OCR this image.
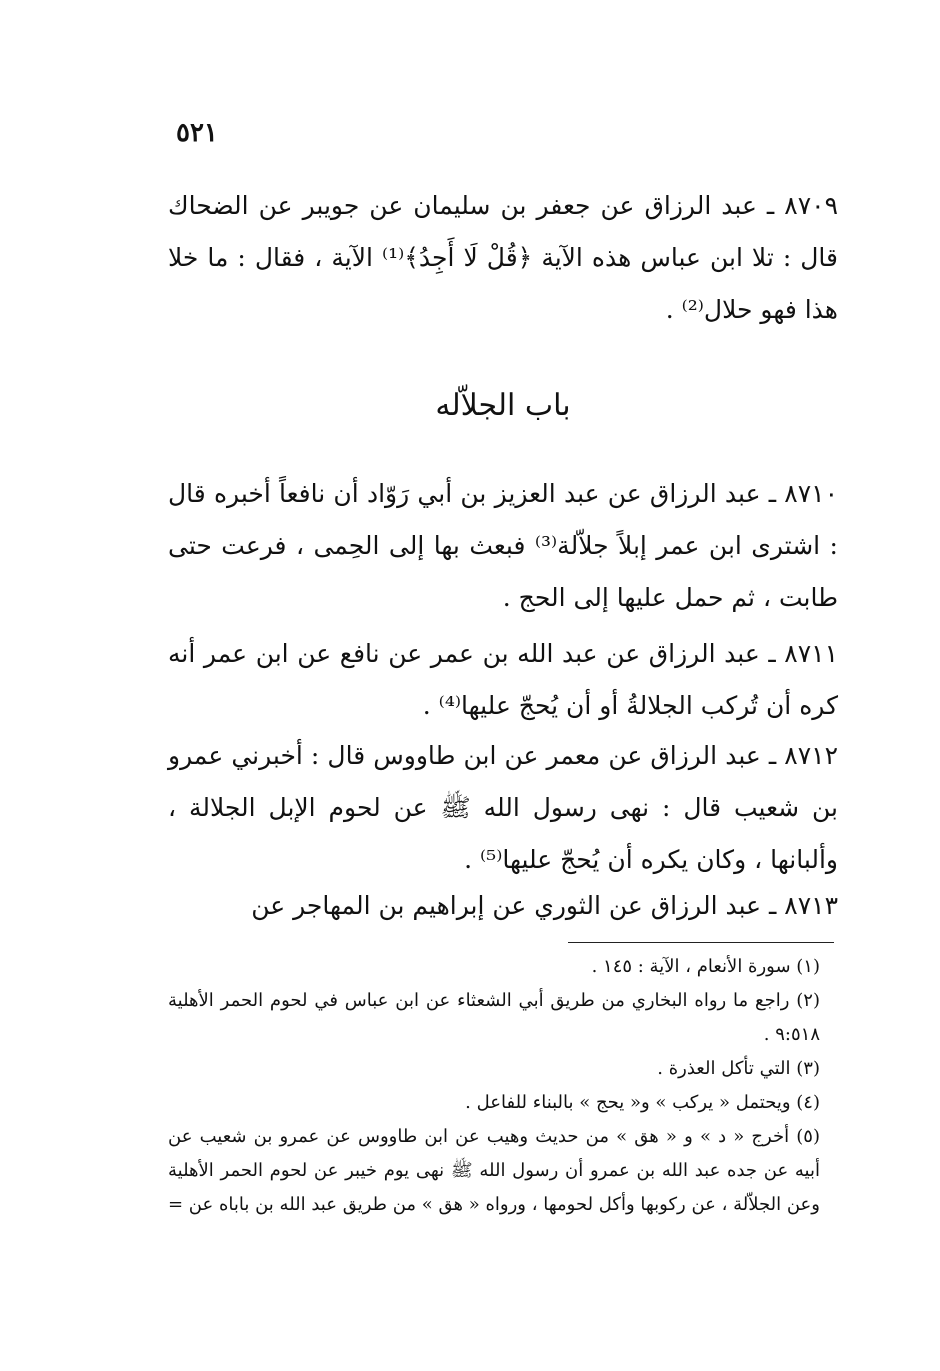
٥٢١

٨٧٠٩ ـ عبد الرزاق عن جعفر بن سليمان عن جويبر عن الضحاك قال : تلا ابن عباس هذه الآية ﴿قُلْ لَا أَجِدُ﴾⁽¹⁾ الآية ، فقال : ما خلا هذا فهو حلال⁽²⁾ .

باب الجلاّله

٨٧١٠ ـ عبد الرزاق عن عبد العزيز بن أبي رَوّاد أن نافعاً أخبره قال : اشترى ابن عمر إبلاً جلاّلة⁽³⁾ فبعث بها إلى الحِمى ، فرعت حتى طابت ، ثم حمل عليها إلى الحج .

٨٧١١ ـ عبد الرزاق عن عبد الله بن عمر عن نافع عن ابن عمر أنه كره أن تُركب الجلالةُ أو أن يُحجّ عليها⁽⁴⁾ .

٨٧١٢ ـ عبد الرزاق عن معمر عن ابن طاووس قال : أخبرني عمرو بن شعيب قال : نهى رسول الله ﷺ عن لحوم الإبل الجلالة ، وألبانها ، وكان يكره أن يُحجّ عليها⁽⁵⁾ .

٨٧١٣ ـ عبد الرزاق عن الثوري عن إبراهيم بن المهاجر عن

(١) سورة الأنعام ، الآية : ١٤٥ .

(٢) راجع ما رواه البخاري من طريق أبي الشعثاء عن ابن عباس في لحوم الحمر الأهلية ٩:٥١٨ .

(٣) التي تأكل العذرة .

(٤) ويحتمل « يركب » و« يحج » بالبناء للفاعل .

(٥) أخرج « د » و « هق » من حديث وهيب عن ابن طاووس عن عمرو بن شعيب عن أبيه عن جده عبد الله بن عمرو أن رسول الله ﷺ نهى يوم خيبر عن لحوم الحمر الأهلية وعن الجلاّلة ، عن ركوبها وأكل لحومها ، ورواه « هق » من طريق عبد الله بن باباه عن =
